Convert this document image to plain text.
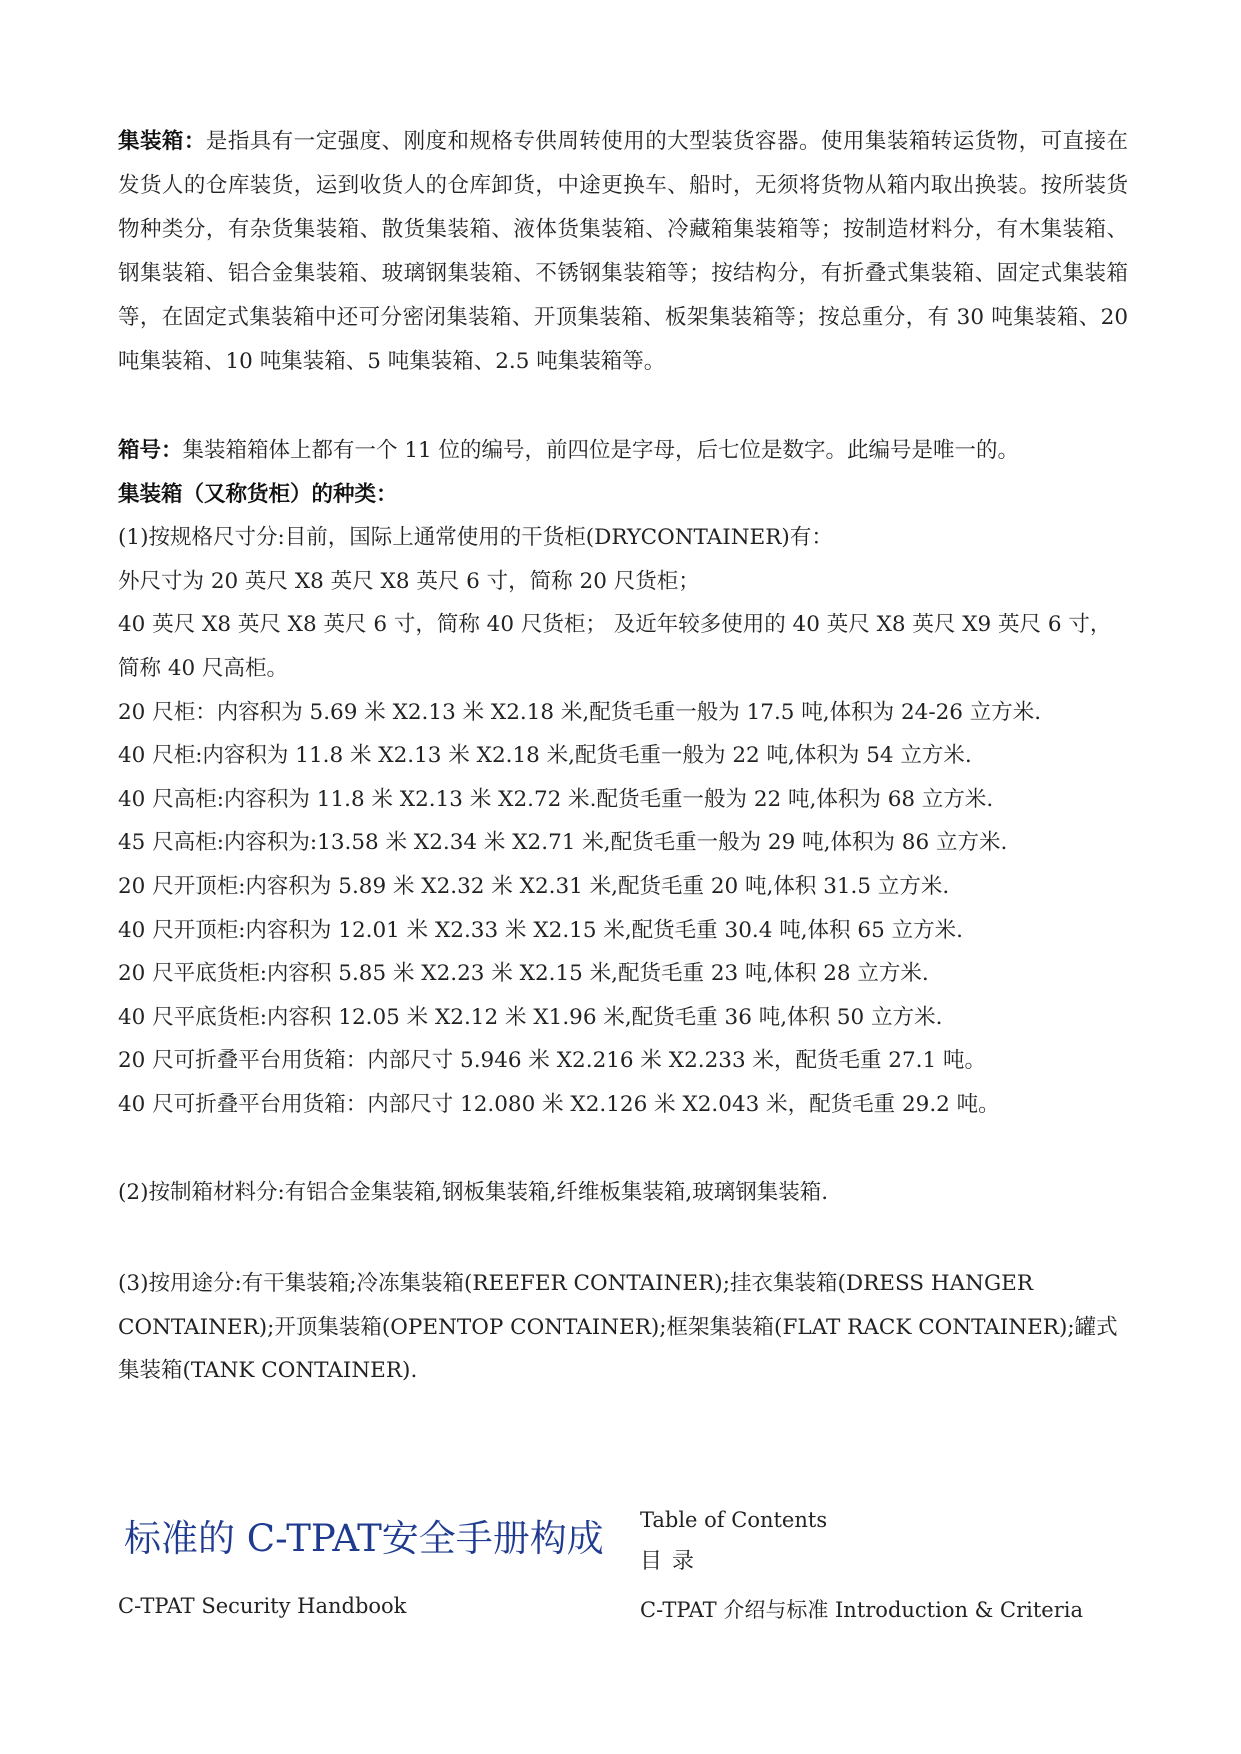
集装箱：是指具有一定强度、刚度和规格专供周转使用的大型装货容器。使用集装箱转运货物，可直接在发货人的仓库装货，运到收货人的仓库卸货，中途更换车、船时，无须将货物从箱内取出换装。按所装货物种类分，有杂货集装箱、散货集装箱、液体货集装箱、冷藏箱集装箱等；按制造材料分，有木集装箱、钢集装箱、铝合金集装箱、玻璃钢集装箱、不锈钢集装箱等；按结构分，有折叠式集装箱、固定式集装箱等，在固定式集装箱中还可分密闭集装箱、开顶集装箱、板架集装箱等；按总重分，有 30 吨集装箱、20 吨集装箱、10 吨集装箱、5 吨集装箱、2.5 吨集装箱等。

箱号：集装箱箱体上都有一个 11 位的编号，前四位是字母，后七位是数字。此编号是唯一的。

集装箱（又称货柜）的种类：

(1)按规格尺寸分:目前，国际上通常使用的干货柜(DRYCONTAINER)有：

外尺寸为 20 英尺 X8 英尺 X8 英尺 6 寸，简称 20 尺货柜；

40 英尺 X8 英尺 X8 英尺 6 寸，简称 40 尺货柜； 及近年较多使用的 40 英尺 X8 英尺 X9 英尺 6 寸，简称 40 尺高柜。

20 尺柜：内容积为 5.69 米 X2.13 米 X2.18 米,配货毛重一般为 17.5 吨,体积为 24-26 立方米.

40 尺柜:内容积为 11.8 米 X2.13 米 X2.18 米,配货毛重一般为 22 吨,体积为 54 立方米.

40 尺高柜:内容积为 11.8 米 X2.13 米 X2.72 米.配货毛重一般为 22 吨,体积为 68 立方米.

45 尺高柜:内容积为:13.58 米 X2.34 米 X2.71 米,配货毛重一般为 29 吨,体积为 86 立方米.

20 尺开顶柜:内容积为 5.89 米 X2.32 米 X2.31 米,配货毛重 20 吨,体积 31.5 立方米.

40 尺开顶柜:内容积为 12.01 米 X2.33 米 X2.15 米,配货毛重 30.4 吨,体积 65 立方米.

20 尺平底货柜:内容积 5.85 米 X2.23 米 X2.15 米,配货毛重 23 吨,体积 28 立方米.

40 尺平底货柜:内容积 12.05 米 X2.12 米 X1.96 米,配货毛重 36 吨,体积 50 立方米.

20 尺可折叠平台用货箱：内部尺寸 5.946 米 X2.216 米 X2.233 米，配货毛重 27.1 吨。

40 尺可折叠平台用货箱：内部尺寸 12.080 米 X2.126 米 X2.043 米，配货毛重 29.2 吨。

(2)按制箱材料分:有铝合金集装箱,钢板集装箱,纤维板集装箱,玻璃钢集装箱.

(3)按用途分:有干集装箱;冷冻集装箱(REEFER CONTAINER);挂衣集装箱(DRESS HANGER CONTAINER);开顶集装箱(OPENTOP CONTAINER);框架集装箱(FLAT RACK CONTAINER);罐式集装箱(TANK CONTAINER).

标准的 C-TPAT安全手册构成
C-TPAT Security Handbook
Table of Contents
目录
C-TPAT 介绍与标准 Introduction & Criteria
